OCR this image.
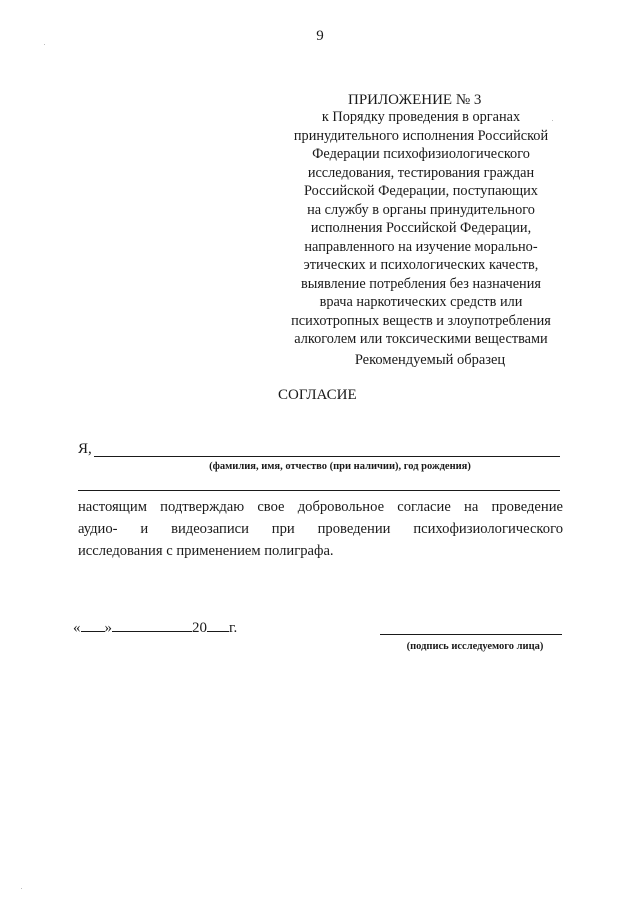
9
ПРИЛОЖЕНИЕ № 3
к Порядку проведения в органах
принудительного исполнения Российской
Федерации психофизиологического
исследования, тестирования граждан
Российской Федерации, поступающих
на службу в органы принудительного
исполнения Российской Федерации,
направленного на изучение морально-
этических и психологических качеств,
выявление потребления без назначения
врача наркотических средств или
психотропных веществ и злоупотребления
алкоголем или токсическими веществами
Рекомендуемый образец
СОГЛАСИЕ
Я,
(фамилия, имя, отчество (при наличии), год рождения)
настоящим подтверждаю свое добровольное согласие на проведение
аудио- и видеозаписи при проведении психофизиологического
исследования с применением полиграфа.
« »	20 г.
(подпись исследуемого лица)
